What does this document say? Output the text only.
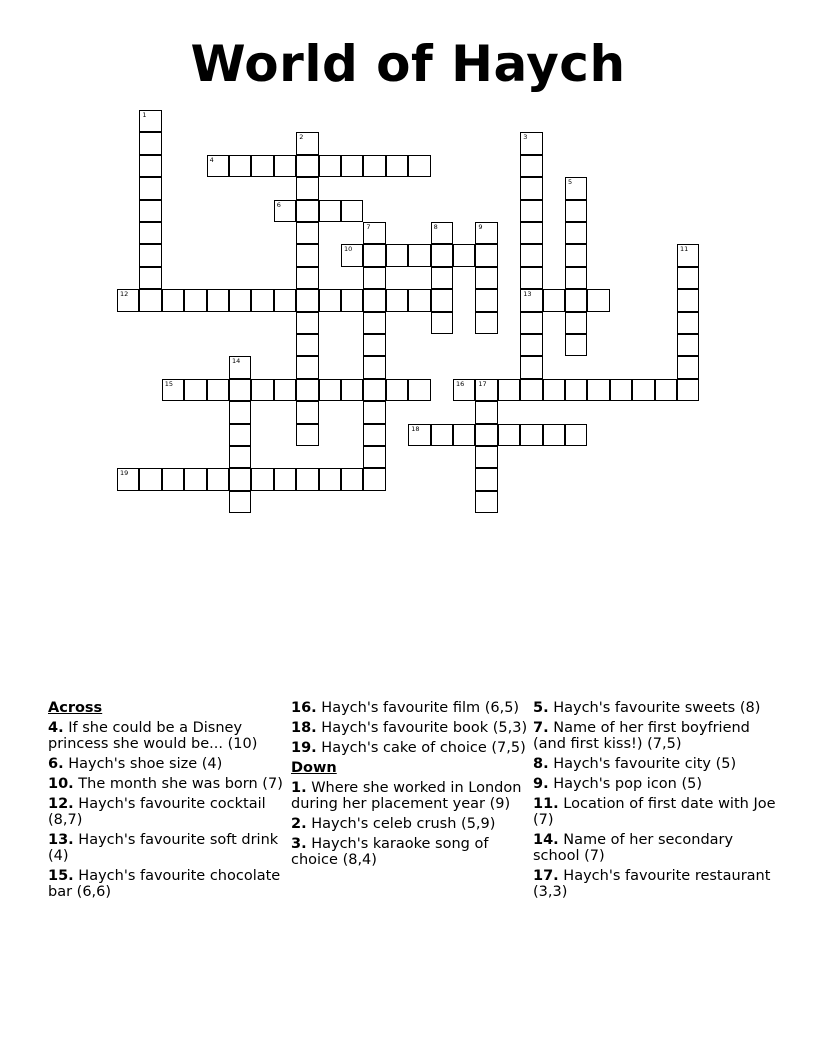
World of Haych
1
2	3
13
4
5
6
7	8	9
10	11
12
14
15	16 17
18
19
Across
4. If she could be a Disney princess she would be... (10)
6. Haych's shoe size (4)
10. The month she was born (7)
12. Haych's favourite cocktail (8,7)
13. Haych's favourite soft drink (4)
15. Haych's favourite chocolate bar (6,6)
16. Haych's favourite film (6,5)
18. Haych's favourite book (5,3)
19. Haych's cake of choice (7,5)
Down
1. Where she worked in London during her placement year (9)
2. Haych's celeb crush (5,9)
3. Haych's karaoke song of choice (8,4)
5. Haych's favourite sweets (8)
7. Name of her first boyfriend (and first kiss!) (7,5)
8. Haych's favourite city (5)
9. Haych's pop icon (5)
11. Location of first date with Joe (7)
14. Name of her secondary school (7)
17. Haych's favourite restaurant (3,3)
